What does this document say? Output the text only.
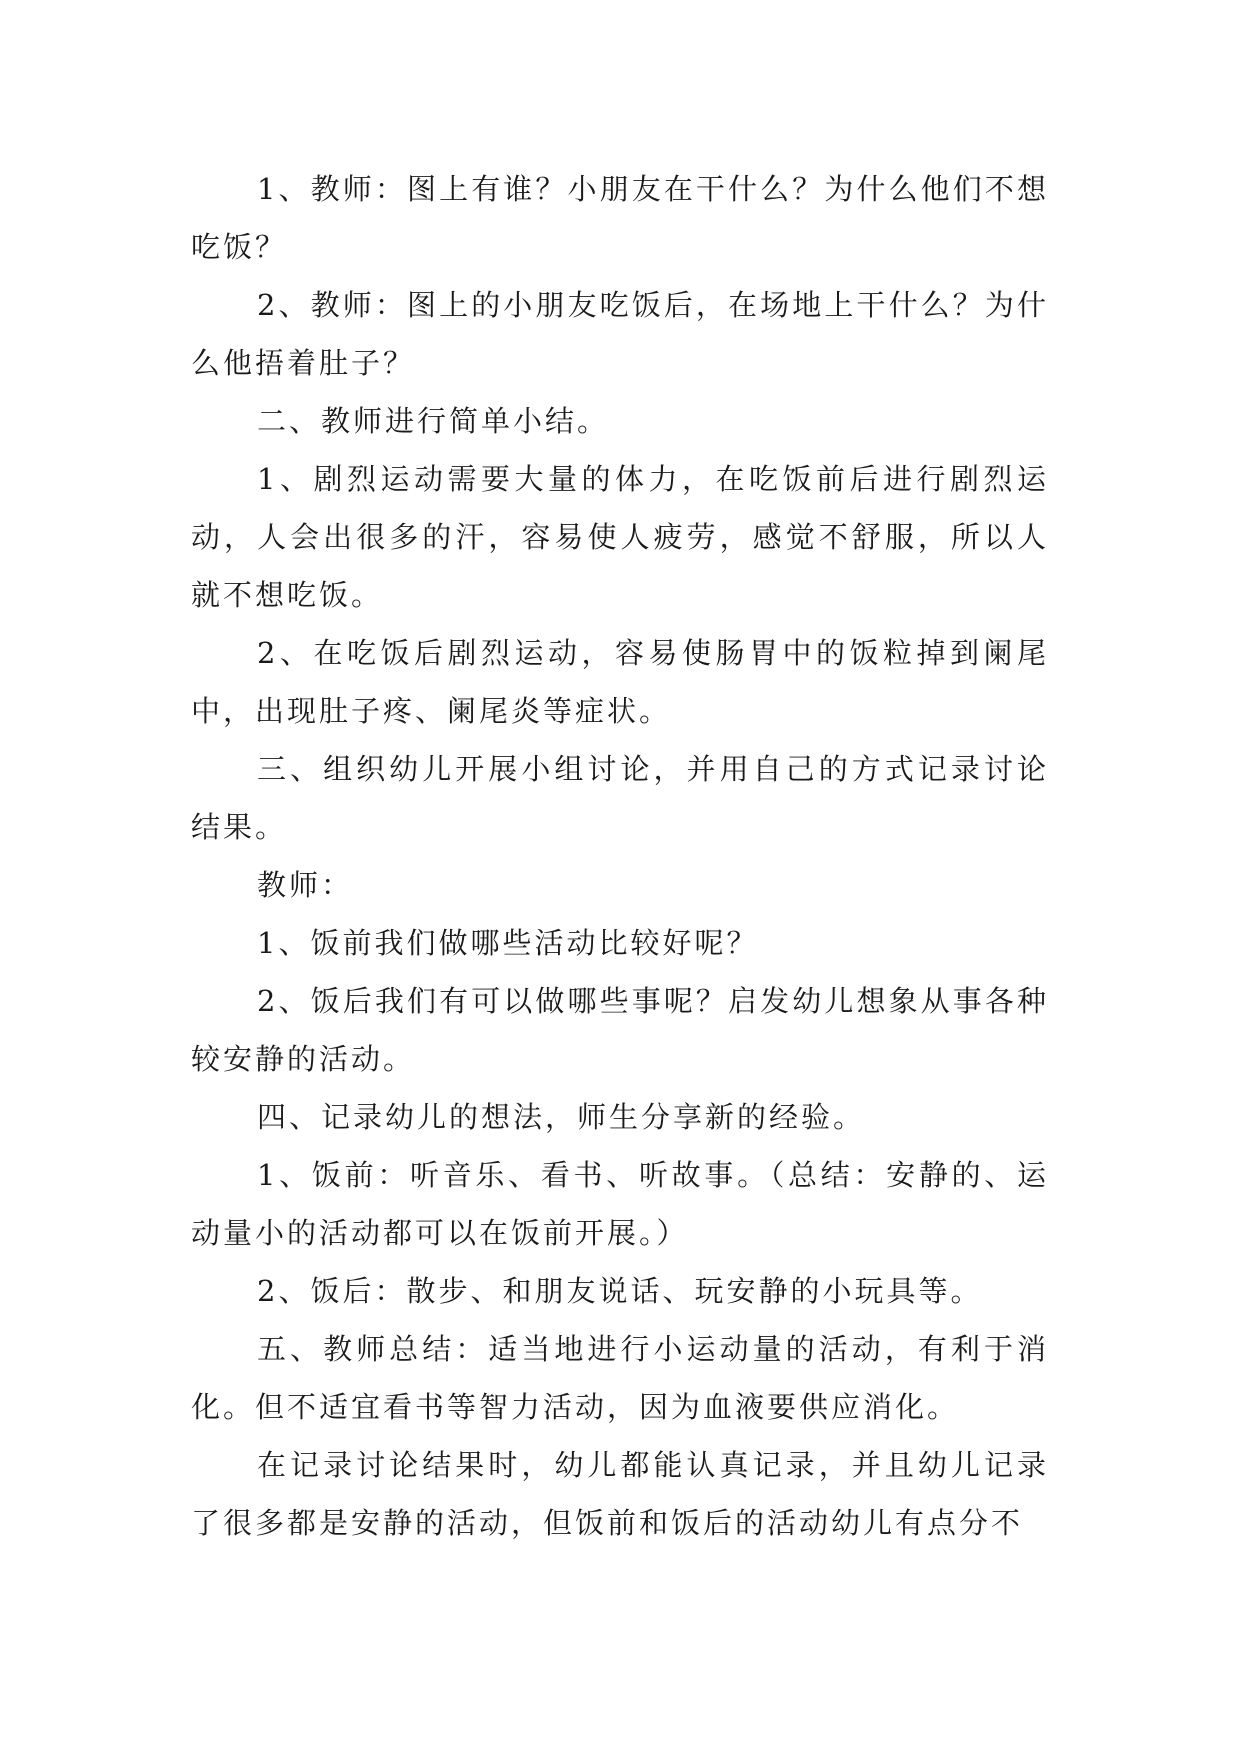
1、教师：图上有谁？小朋友在干什么？为什么他们不想吃饭？

2、教师：图上的小朋友吃饭后，在场地上干什么？为什么他捂着肚子？

二、教师进行简单小结。

1、剧烈运动需要大量的体力，在吃饭前后进行剧烈运动，人会出很多的汗，容易使人疲劳，感觉不舒服，所以人就不想吃饭。

2、在吃饭后剧烈运动，容易使肠胃中的饭粒掉到阑尾中，出现肚子疼、阑尾炎等症状。

三、组织幼儿开展小组讨论，并用自己的方式记录讨论结果。

教师：

1、饭前我们做哪些活动比较好呢？

2、饭后我们有可以做哪些事呢？启发幼儿想象从事各种较安静的活动。

四、记录幼儿的想法，师生分享新的经验。

1、饭前：听音乐、看书、听故事。（总结：安静的、运动量小的活动都可以在饭前开展。）

2、饭后：散步、和朋友说话、玩安静的小玩具等。

五、教师总结：适当地进行小运动量的活动，有利于消化。但不适宜看书等智力活动，因为血液要供应消化。

在记录讨论结果时，幼儿都能认真记录，并且幼儿记录了很多都是安静的活动，但饭前和饭后的活动幼儿有点分不
